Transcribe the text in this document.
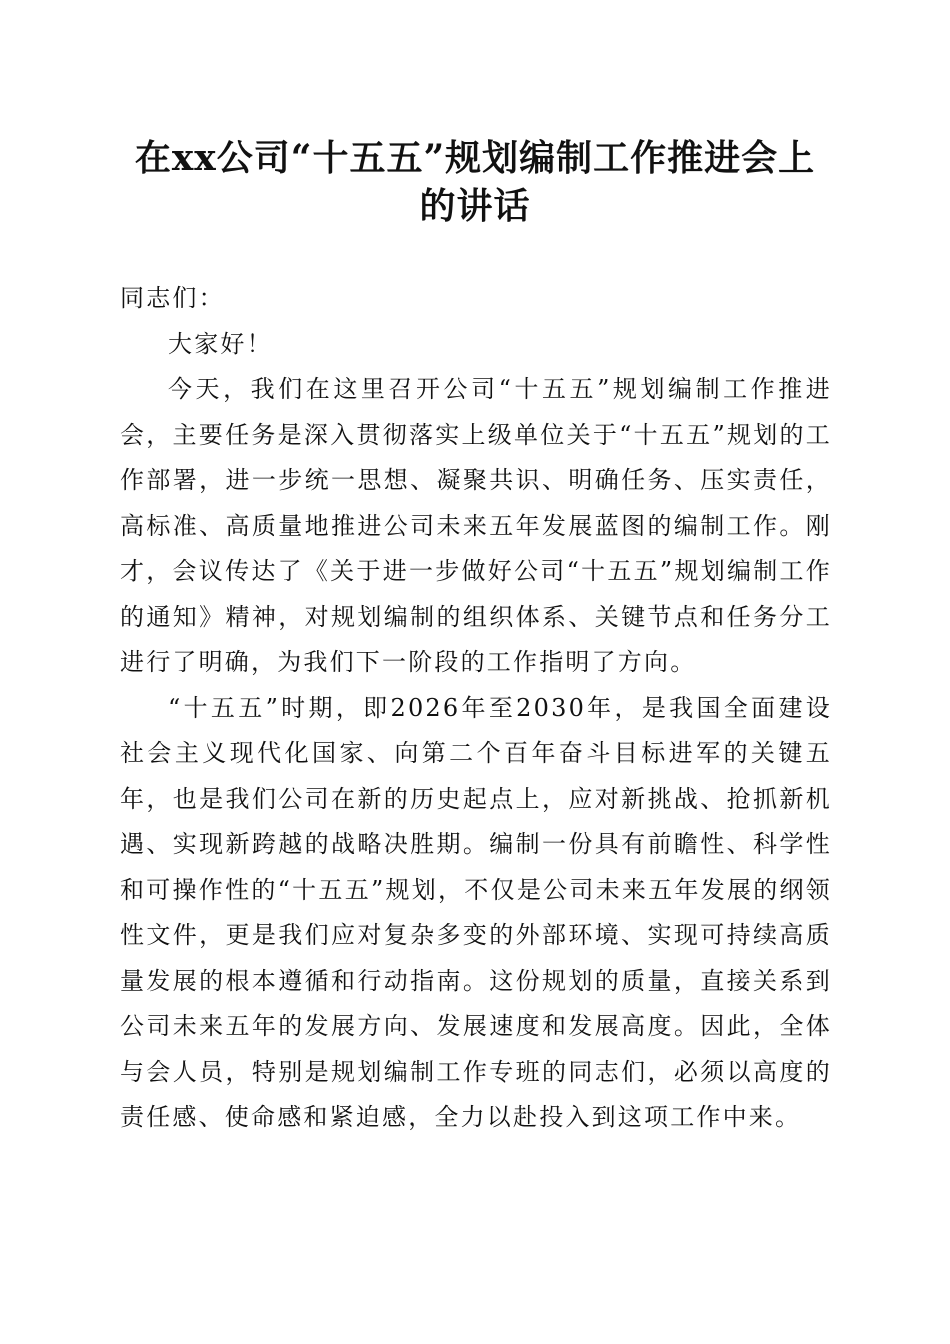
在xx公司“十五五”规划编制工作推进会上
的讲话

同志们：

大家好！

今天，我们在这里召开公司“十五五”规划编制工作推进会，主要任务是深入贯彻落实上级单位关于“十五五”规划的工作部署，进一步统一思想、凝聚共识、明确任务、压实责任，高标准、高质量地推进公司未来五年发展蓝图的编制工作。刚才，会议传达了《关于进一步做好公司“十五五”规划编制工作的通知》精神，对规划编制的组织体系、关键节点和任务分工进行了明确，为我们下一阶段的工作指明了方向。

“十五五”时期，即2026年至2030年，是我国全面建设社会主义现代化国家、向第二个百年奋斗目标进军的关键五年，也是我们公司在新的历史起点上，应对新挑战、抢抓新机遇、实现新跨越的战略决胜期。编制一份具有前瞻性、科学性和可操作性的“十五五”规划，不仅是公司未来五年发展的纲领性文件，更是我们应对复杂多变的外部环境、实现可持续高质量发展的根本遵循和行动指南。这份规划的质量，直接关系到公司未来五年的发展方向、发展速度和发展高度。因此，全体与会人员，特别是规划编制工作专班的同志们，必须以高度的责任感、使命感和紧迫感，全力以赴投入到这项工作中来。
